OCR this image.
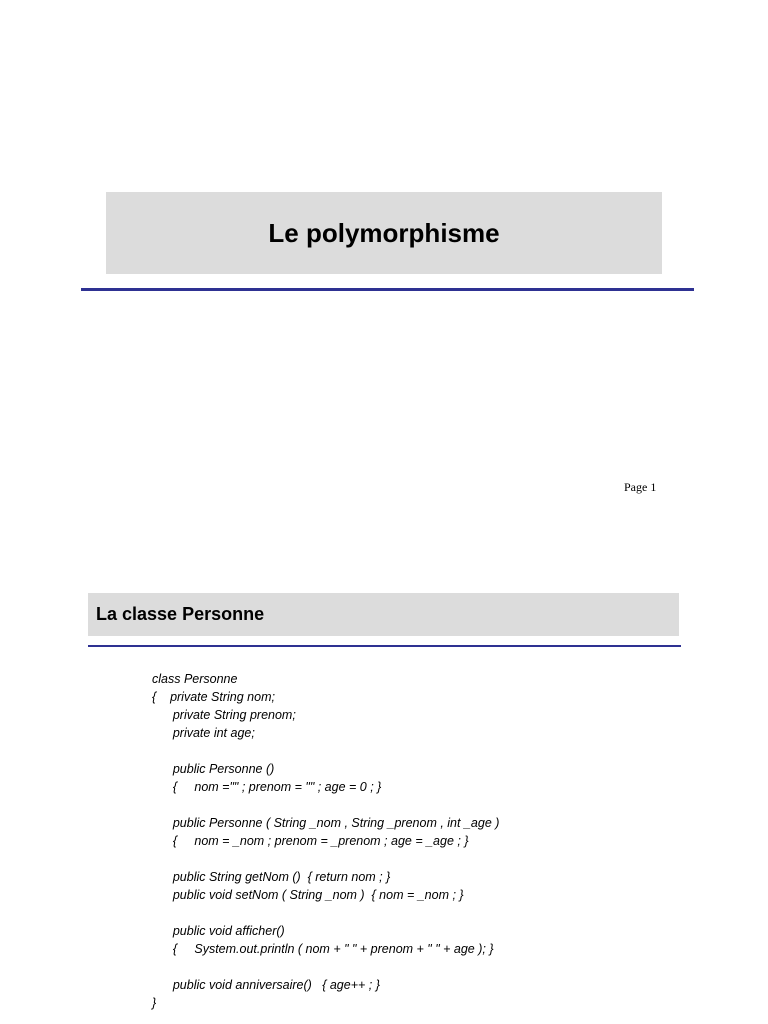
Le polymorphisme
Page 1
La classe Personne
class Personne
{    private String nom;
private String prenom;
private int age;
public Personne ()
{     nom ="" ; prenom = "" ; age = 0 ; }
public Personne ( String _nom , String _prenom , int _age )
{     nom = _nom ; prenom = _prenom ; age = _age ; }
public String getNom ()  { return nom ; }
public void setNom ( String _nom )  { nom = _nom ; }
public void afficher()
{     System.out.println ( nom + " " + prenom + " " + age ); }
public void anniversaire()   { age++ ; }
}
